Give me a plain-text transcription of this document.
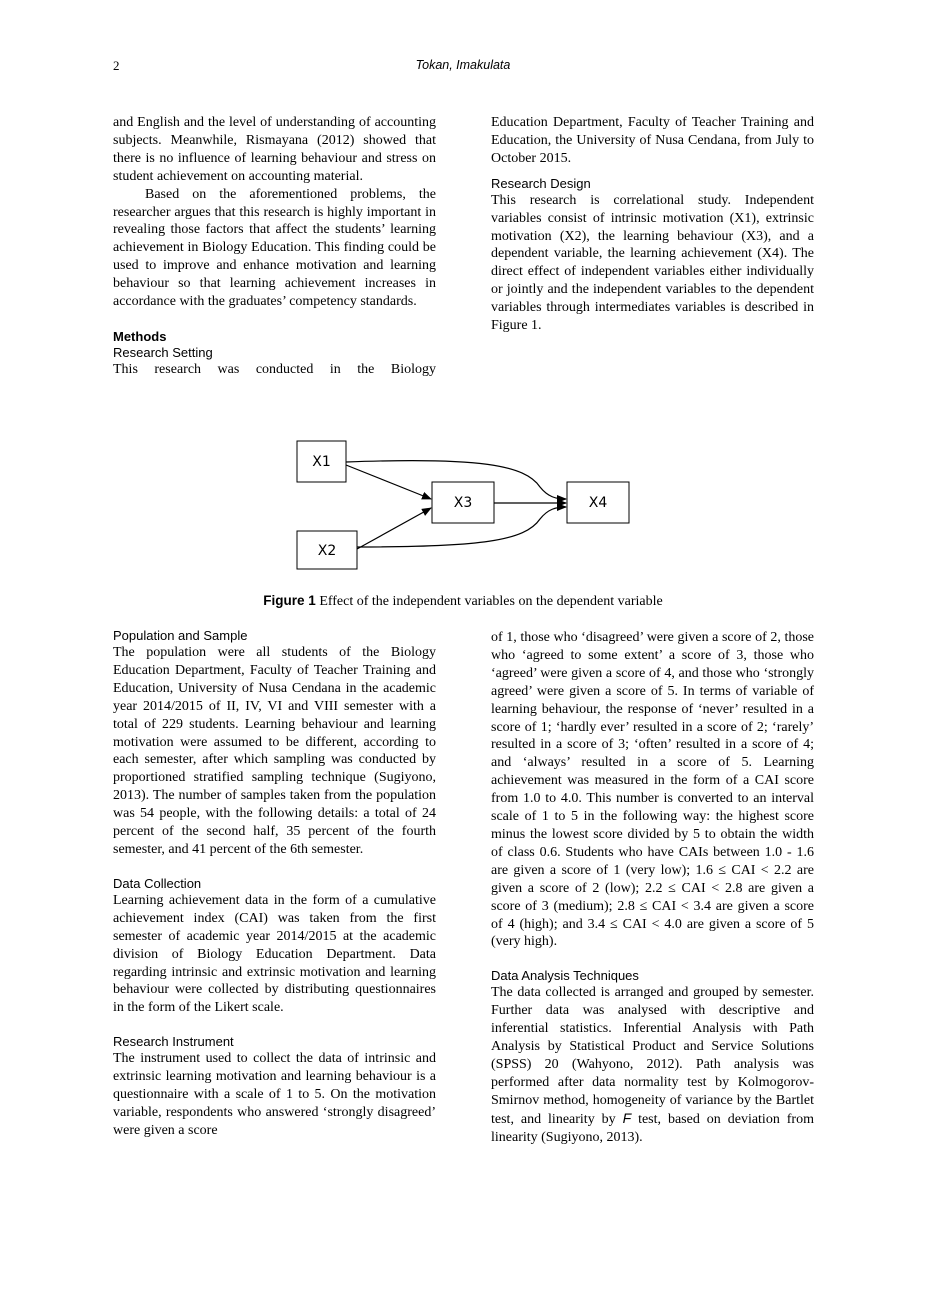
2	Tokan, Imakulata

and English and the level of understanding of accounting subjects. Meanwhile, Rismayana (2012) showed that there is no influence of learning behaviour and stress on student achievement on accounting material.

Based on the aforementioned problems, the researcher argues that this research is highly important in revealing those factors that affect the students’ learning achievement in Biology Education. This finding could be used to improve and enhance motivation and learning behaviour so that learning achievement increases in accordance with the graduates’ competency standards.

Methods

Research Setting

This research was conducted in the Biology

Education Department, Faculty of Teacher Training and Education, the University of Nusa Cendana, from July to October 2015.

Research Design

This research is correlational study. Independent variables consist of intrinsic motivation (X1), extrinsic motivation (X2), the learning behaviour (X3), and a dependent variable, the learning achievement (X4). The direct effect of independent variables either individually or jointly and the independent variables to the dependent variables through intermediates variables is described in Figure 1.

X1
X2
X3	X4
Figure 1 Effect of the independent variables on the dependent variable

Population and Sample

The population were all students of the Biology Education Department, Faculty of Teacher Training and Education, University of Nusa Cendana in the academic year 2014/2015 of II, IV, VI and VIII semester with a total of 229 students. Learning behaviour and learning motivation were assumed to be different, according to each semester, after which sampling was conducted by proportioned stratified sampling technique (Sugiyono, 2013). The number of samples taken from the population was 54 people, with the following details: a total of 24 percent of the second half, 35 percent of the fourth semester, and 41 percent of the 6th semester.

Data Collection

Learning achievement data in the form of a cumulative achievement index (CAI) was taken from the first semester of academic year 2014/2015 at the academic division of Biology Education Department. Data regarding intrinsic and extrinsic motivation and learning behaviour were collected by distributing questionnaires in the form of the Likert scale.

Research Instrument

The instrument used to collect the data of intrinsic and extrinsic learning motivation and learning behaviour is a questionnaire with a scale of 1 to 5. On the motivation variable, respondents who answered ‘strongly disagreed’ were given a score

of 1, those who ‘disagreed’ were given a score of 2, those who ‘agreed to some extent’ a score of 3, those who ‘agreed’ were given a score of 4, and those who ‘strongly agreed’ were given a score of 5. In terms of variable of learning behaviour, the response of ‘never’ resulted in a score of 1; ‘hardly ever’ resulted in a score of 2; ‘rarely’ resulted in a score of 3; ‘often’ resulted in a score of 4; and ‘always’ resulted in a score of 5. Learning achievement was measured in the form of a CAI score from 1.0 to 4.0. This number is converted to an interval scale of 1 to 5 in the following way: the highest score minus the lowest score divided by 5 to obtain the width of class 0.6. Students who have CAIs between 1.0 - 1.6 are given a score of 1 (very low); 1.6 ≤ CAI < 2.2 are given a score of 2 (low); 2.2 ≤ CAI < 2.8 are given a score of 3 (medium); 2.8 ≤ CAI < 3.4 are given a score of 4 (high); and 3.4 ≤ CAI < 4.0 are given a score of 5 (very high).

Data Analysis Techniques

The data collected is arranged and grouped by semester. Further data was analysed with descriptive and inferential statistics. Inferential Analysis with Path Analysis by Statistical Product and Service Solutions (SPSS) 20 (Wahyono, 2012). Path analysis was performed after data normality test by Kolmogorov-Smirnov method, homogeneity of variance by the Bartlet test, and linearity by F test, based on deviation from linearity (Sugiyono, 2013).
